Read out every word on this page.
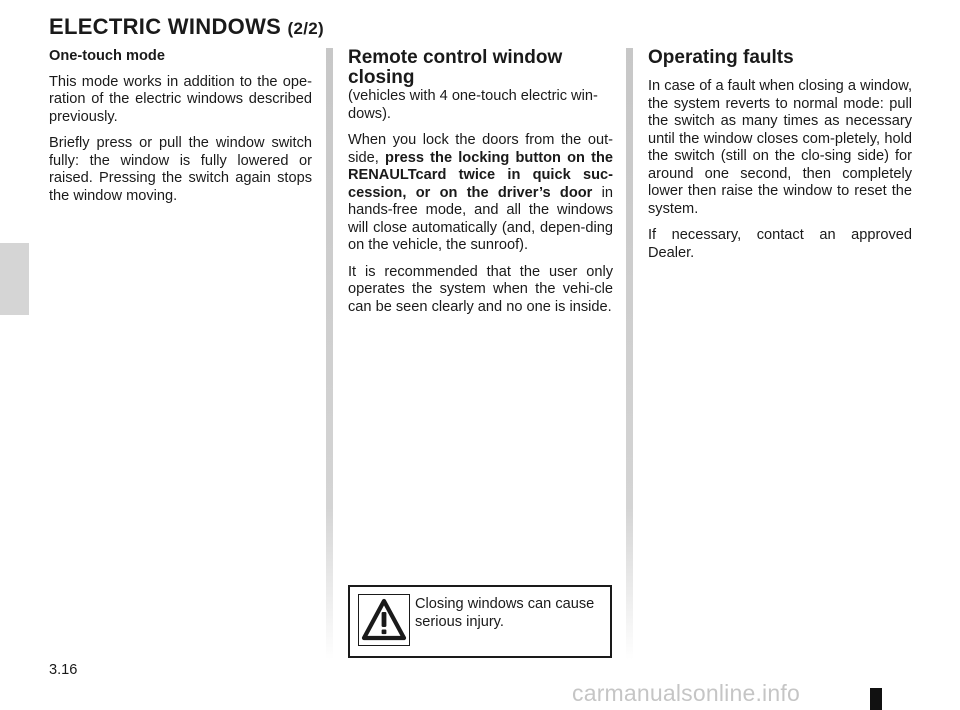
ELECTRIC WINDOWS (2/2)
One-touch mode

This mode works in addition to the ope-ration of the electric windows described previously.

Briefly press or pull the window switch fully: the window is fully lowered or raised. Pressing the switch again stops the window moving.

Remote control window closing
(vehicles with 4 one-touch electric win-dows).

When you lock the doors from the out-side, press the locking button on the RENAULTcard twice in quick suc-cession, or on the driver’s door in hands-free mode, and all the windows will close automatically (and, depen-ding on the vehicle, the sunroof).

It is recommended that the user only operates the system when the vehi-cle can be seen clearly and no one is inside.

Closing windows can cause serious injury.
Operating faults

In case of a fault when closing a window, the system reverts to normal mode: pull the switch as many times as necessary until the window closes com-pletely, hold the switch (still on the clo-sing side) for around one second, then completely lower then raise the window to reset the system.

If necessary, contact an approved Dealer.

3.16
carmanualsonline.info
